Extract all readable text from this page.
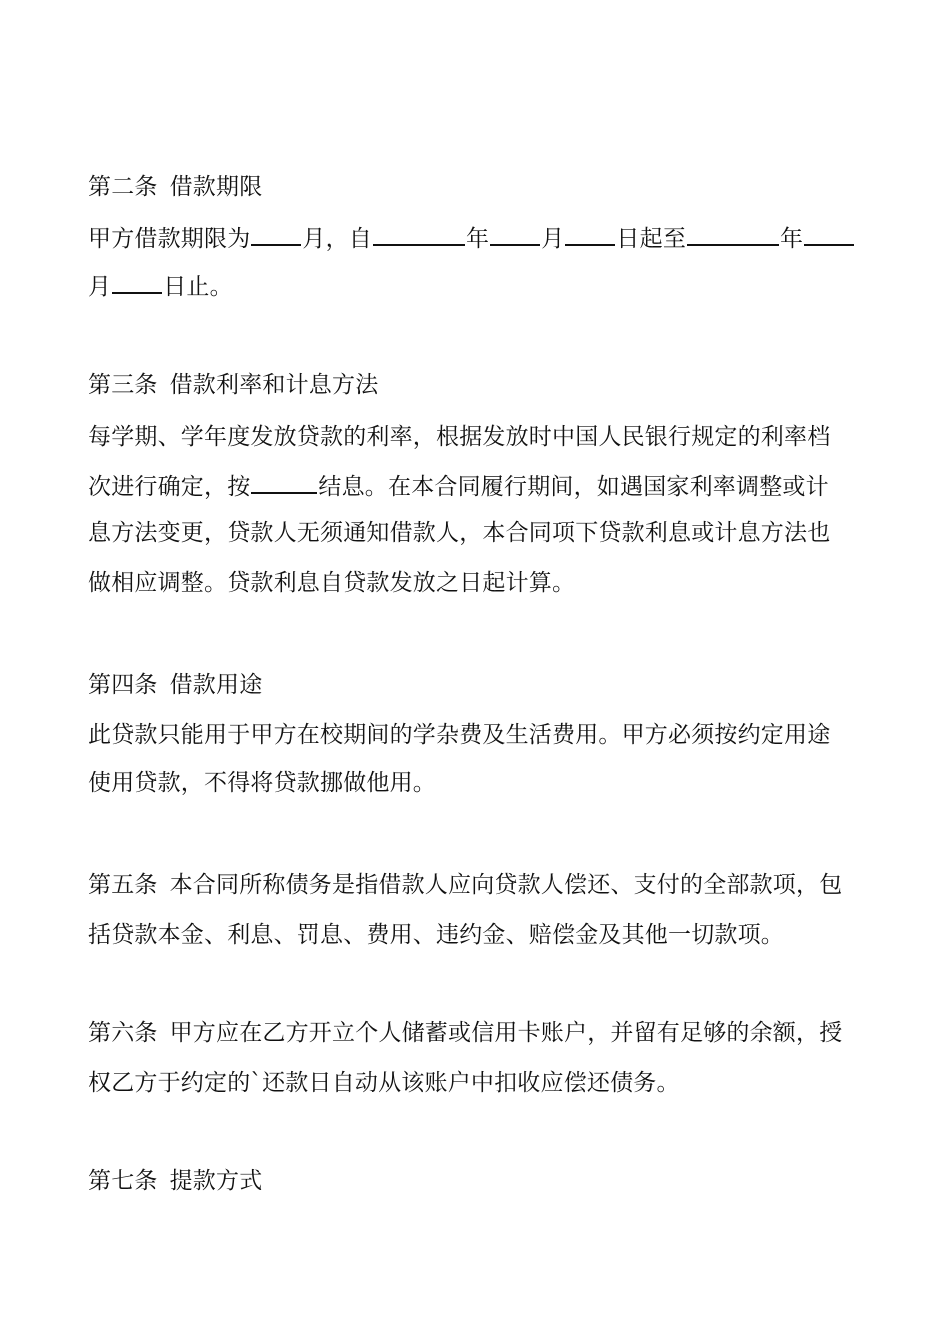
第二条 借款期限
甲方借款期限为 月，自	年 月 日起至	年
月 日止。
第三条 借款利率和计息方法
每学期、学年度发放贷款的利率，根据发放时中国人民银行规定的利率档
次进行确定，按	结息。在本合同履行期间，如遇国家利率调整或计
息方法变更，贷款人无须通知借款人，本合同项下贷款利息或计息方法也
做相应调整。贷款利息自贷款发放之日起计算。
第四条 借款用途
此贷款只能用于甲方在校期间的学杂费及生活费用。甲方必须按约定用途
使用贷款，不得将贷款挪做他用。
第五条 本合同所称债务是指借款人应向贷款人偿还、支付的全部款项，包
括贷款本金、利息、罚息、费用、违约金、赔偿金及其他一切款项。
第六条 甲方应在乙方开立个人储蓄或信用卡账户，并留有足够的余额，授
权乙方于约定的`还款日自动从该账户中扣收应偿还债务。
第七条 提款方式
